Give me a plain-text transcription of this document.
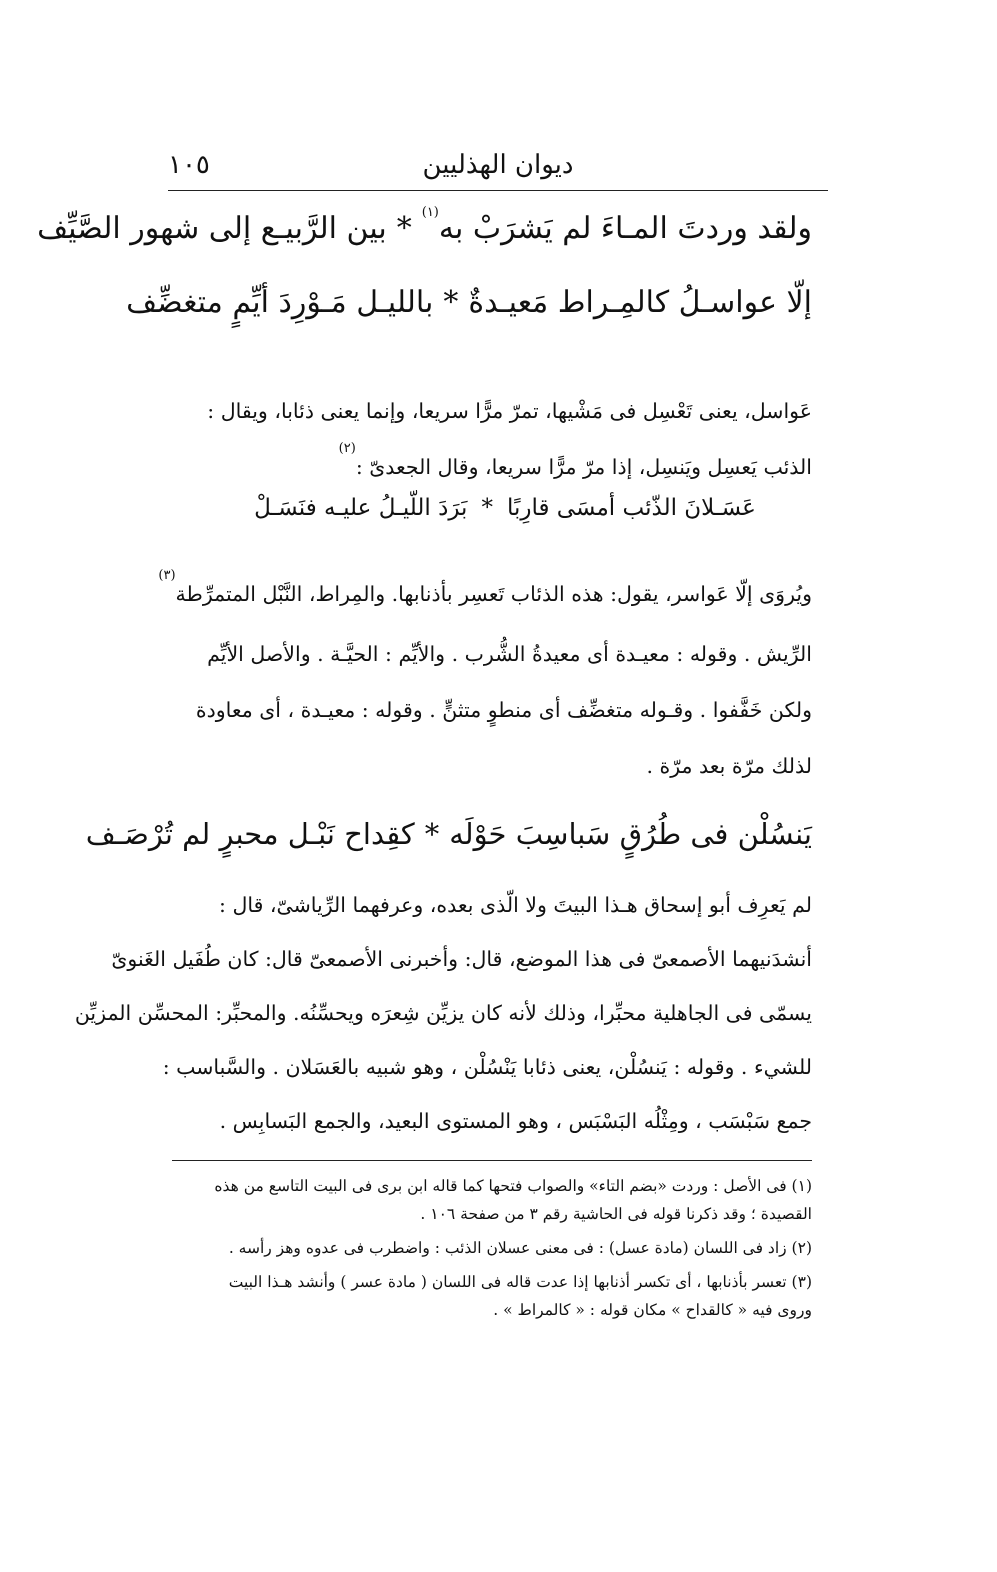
١٠٥	ديوان الهذليين
ولقد وردتَ المـاءَ لم يَشرَبْ به$^{(١)}$*بين الرَّبيـع إلى شهور الصَّيِّف
إلّا عواسـلُ كالمِـراط مَعيـدةٌ*بالليـل مَـوْرِدَ أيِّمٍ متغضِّف
عَواسل، يعنى تَعْسِل فى مَشْيها، تمرّ مرًّا سريعا، وإنما يعنى ذئابا، ويقال :
الذئب يَعسِل ويَنسِل، إذا مرّ مرًّا سريعا، وقال الجعدىّ :$^{(٢)}$
عَسَـلانَ الذّئب أمسَى قارِبًا*بَرَدَ اللّيـلُ عليـه فنَسَـلْ
ويُروَى إلّا عَواسر، يقول: هذه الذئاب تَعسِر بأذنابها. والمِراط، النَّبْل المتمرِّطة$^{(٣)}$
الرِّيش . وقوله : معيـدة أى معيدةُ الشُّرب . والأيِّم : الحيَّـة . والأصل الأيِّم
ولكن خَفَّفوا . وقـوله متغضِّف أى منطوٍ متثنٍّ . وقوله : معيـدة ، أى معاودة
لذلك مرّة بعد مرّة .
يَنسُلْن فى طُرُقٍ سَباسِبَ حَوْلَه*كقِداح نَبْـل محبرٍ لم تُرْصَـف
لم يَعرِف أبو إسحاق هـذا البيتَ ولا الّذى بعده، وعرفهما الرِّياشىّ، قال :
أنشدَنيهما الأصمعىّ فى هذا الموضع، قال: وأخبرنى الأصمعىّ قال: كان طُفَيل الغَنوىّ
يسمّى فى الجاهلية محبِّرا، وذلك لأنه كان يزيِّن شِعرَه ويحسِّنُه. والمحبِّر: المحسِّن المزيِّن
للشيء . وقوله : يَنسُلْن، يعنى ذئابا يَنْسُلْن ، وهو شبيه بالعَسَلان . والسَّباسب :
جمع سَبْسَب ، ومِثْلُه البَسْبَس ، وهو المستوى البعيد، والجمع البَسابِس .
(١) فى الأصل : وردت «بضم التاء» والصواب فتحها كما قاله ابن برى فى البيت التاسع من هذه
القصيدة ؛ وقد ذكرنا قوله فى الحاشية رقم ٣ من صفحة ١٠٦ .
(٢) زاد فى اللسان (مادة عسل) : فى معنى عسلان الذئب : واضطرب فى عدوه وهز رأسه .
(٣) تعسر بأذنابها ، أى تكسر أذنابها إذا عدت قاله فى اللسان ( مادة عسر ) وأنشد هـذا البيت
وروى فيه « كالقداح » مكان قوله : « كالمراط » .
